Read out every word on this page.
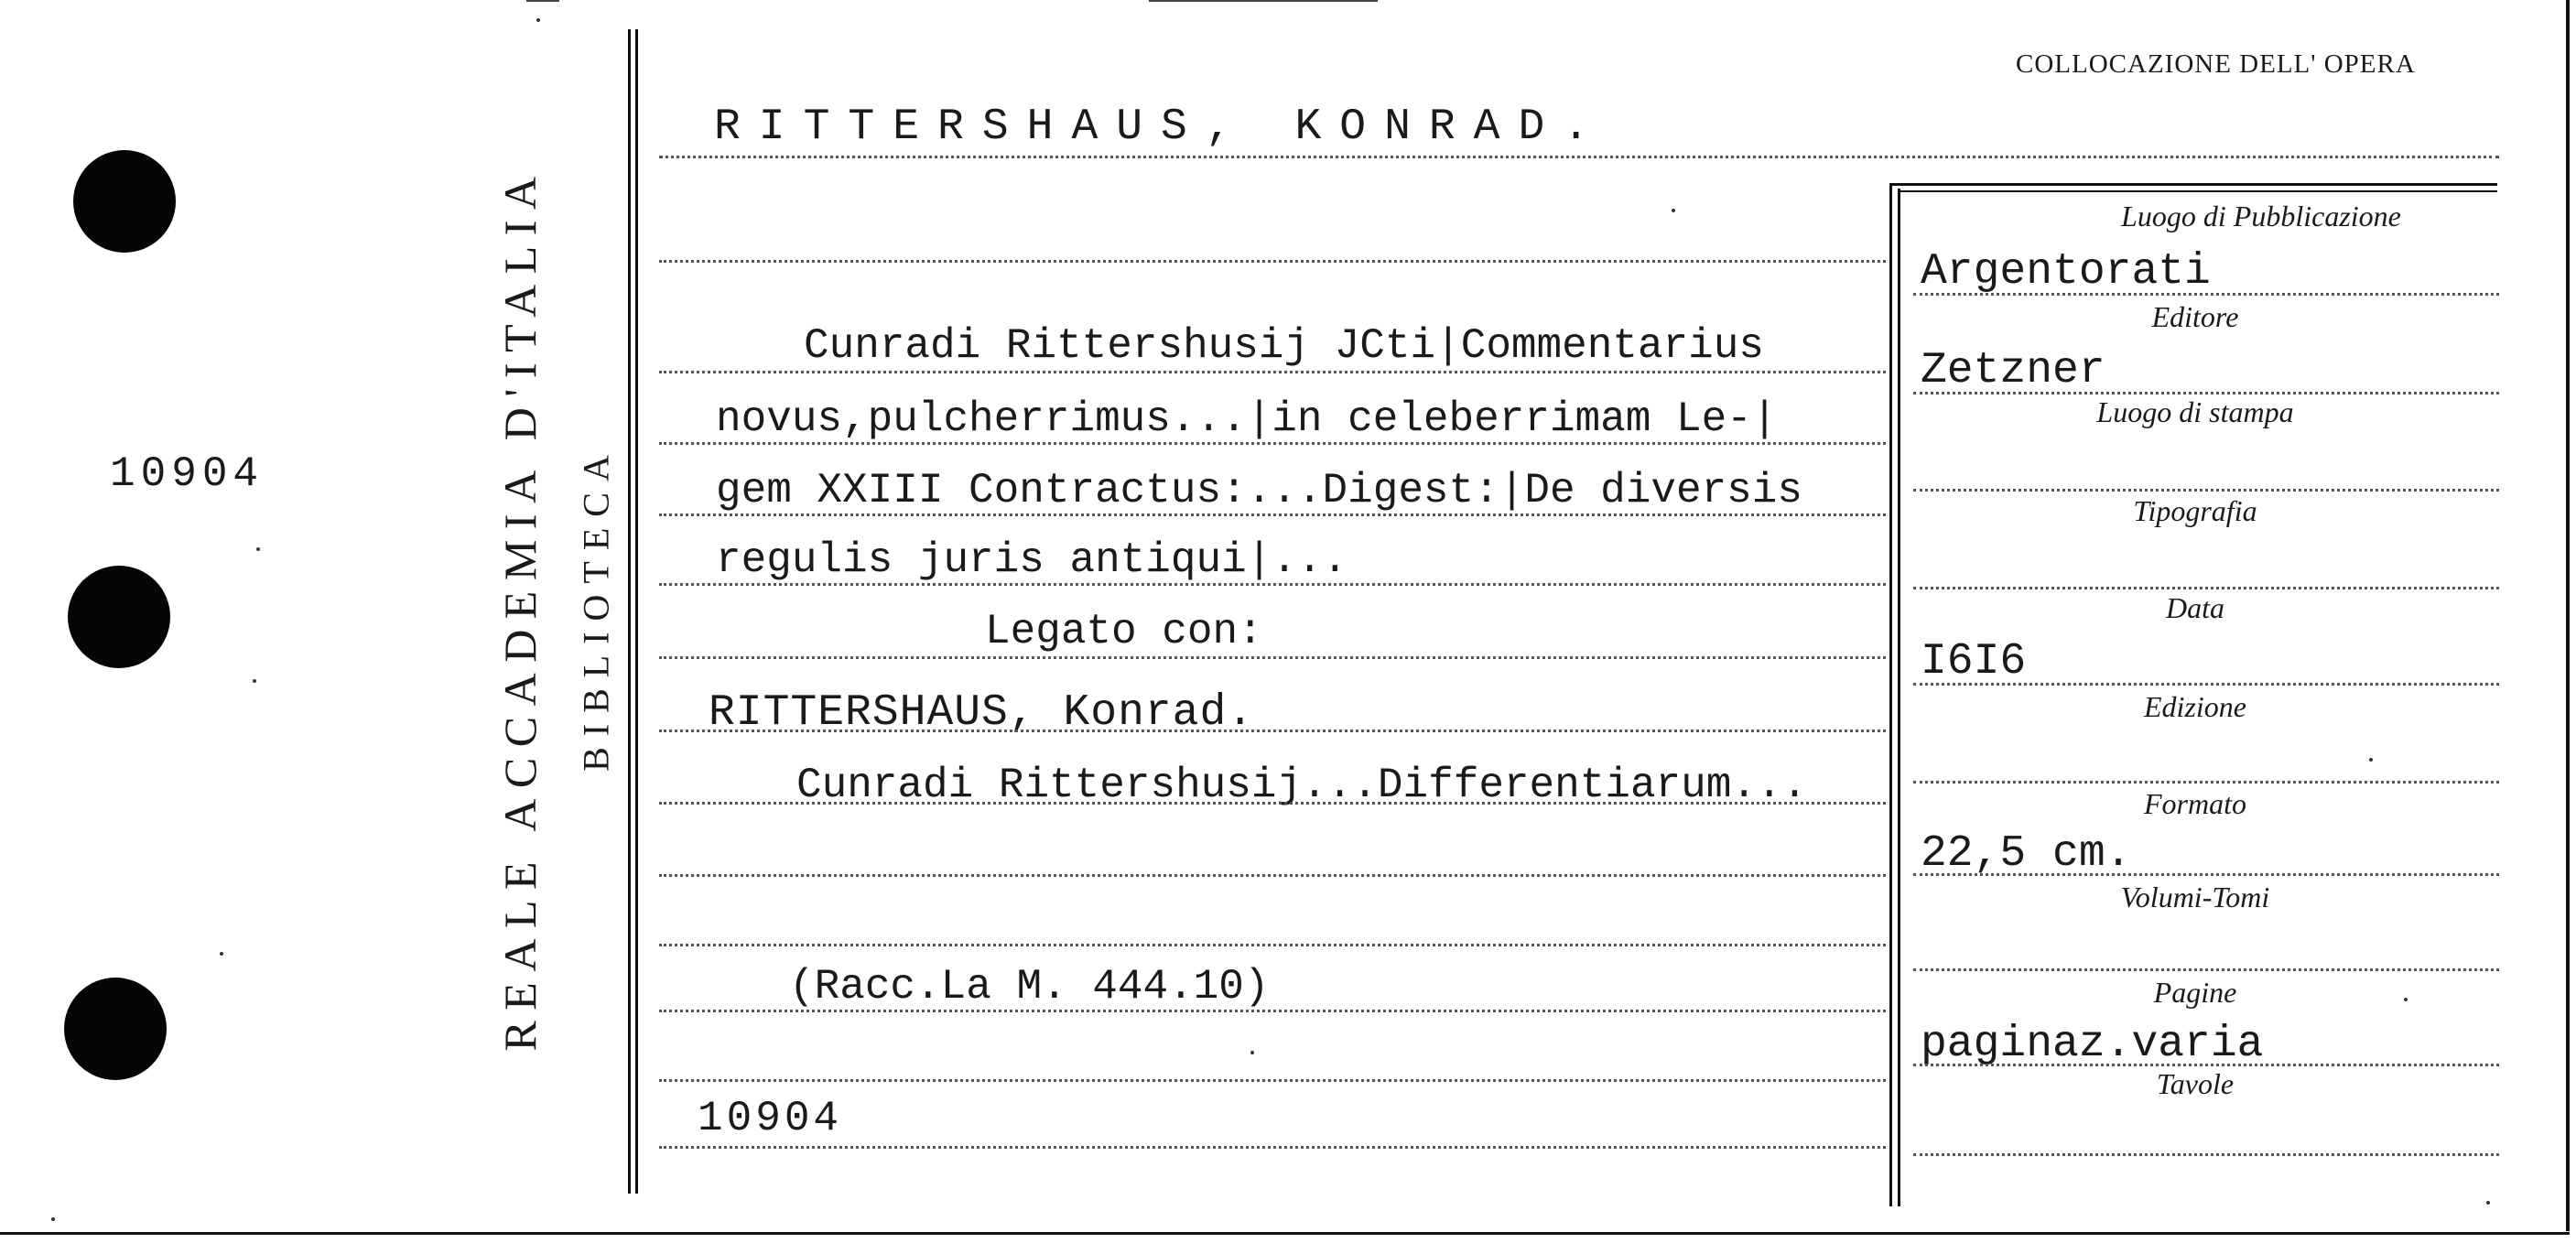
10904	REALE ACCADEMIA D'ITALIA BIBLIOTECA
COLLOCAZIONE DELL' OPERA
RITTERSHAUS, KONRAD.
Cunradi Rittershusij JCti|Commentarius
novus,pulcherrimus...|in celeberrimam Le-|
gem XXIII Contractus:...Digest:|De diversis
regulis juris antiqui|...
Legato con:
RITTERSHAUS, Konrad.
Cunradi Rittershusij...Differentiarum...
(Racc.La M. 444.10)
10904
Luogo di Pubblicazione
Argentorati
Editore
Zetzner
Luogo di stampa
Tipografia
Data
I6I6
Edizione
Formato
22,5 cm.
Volumi-Tomi
Pagine
paginaz.varia
Tavole
